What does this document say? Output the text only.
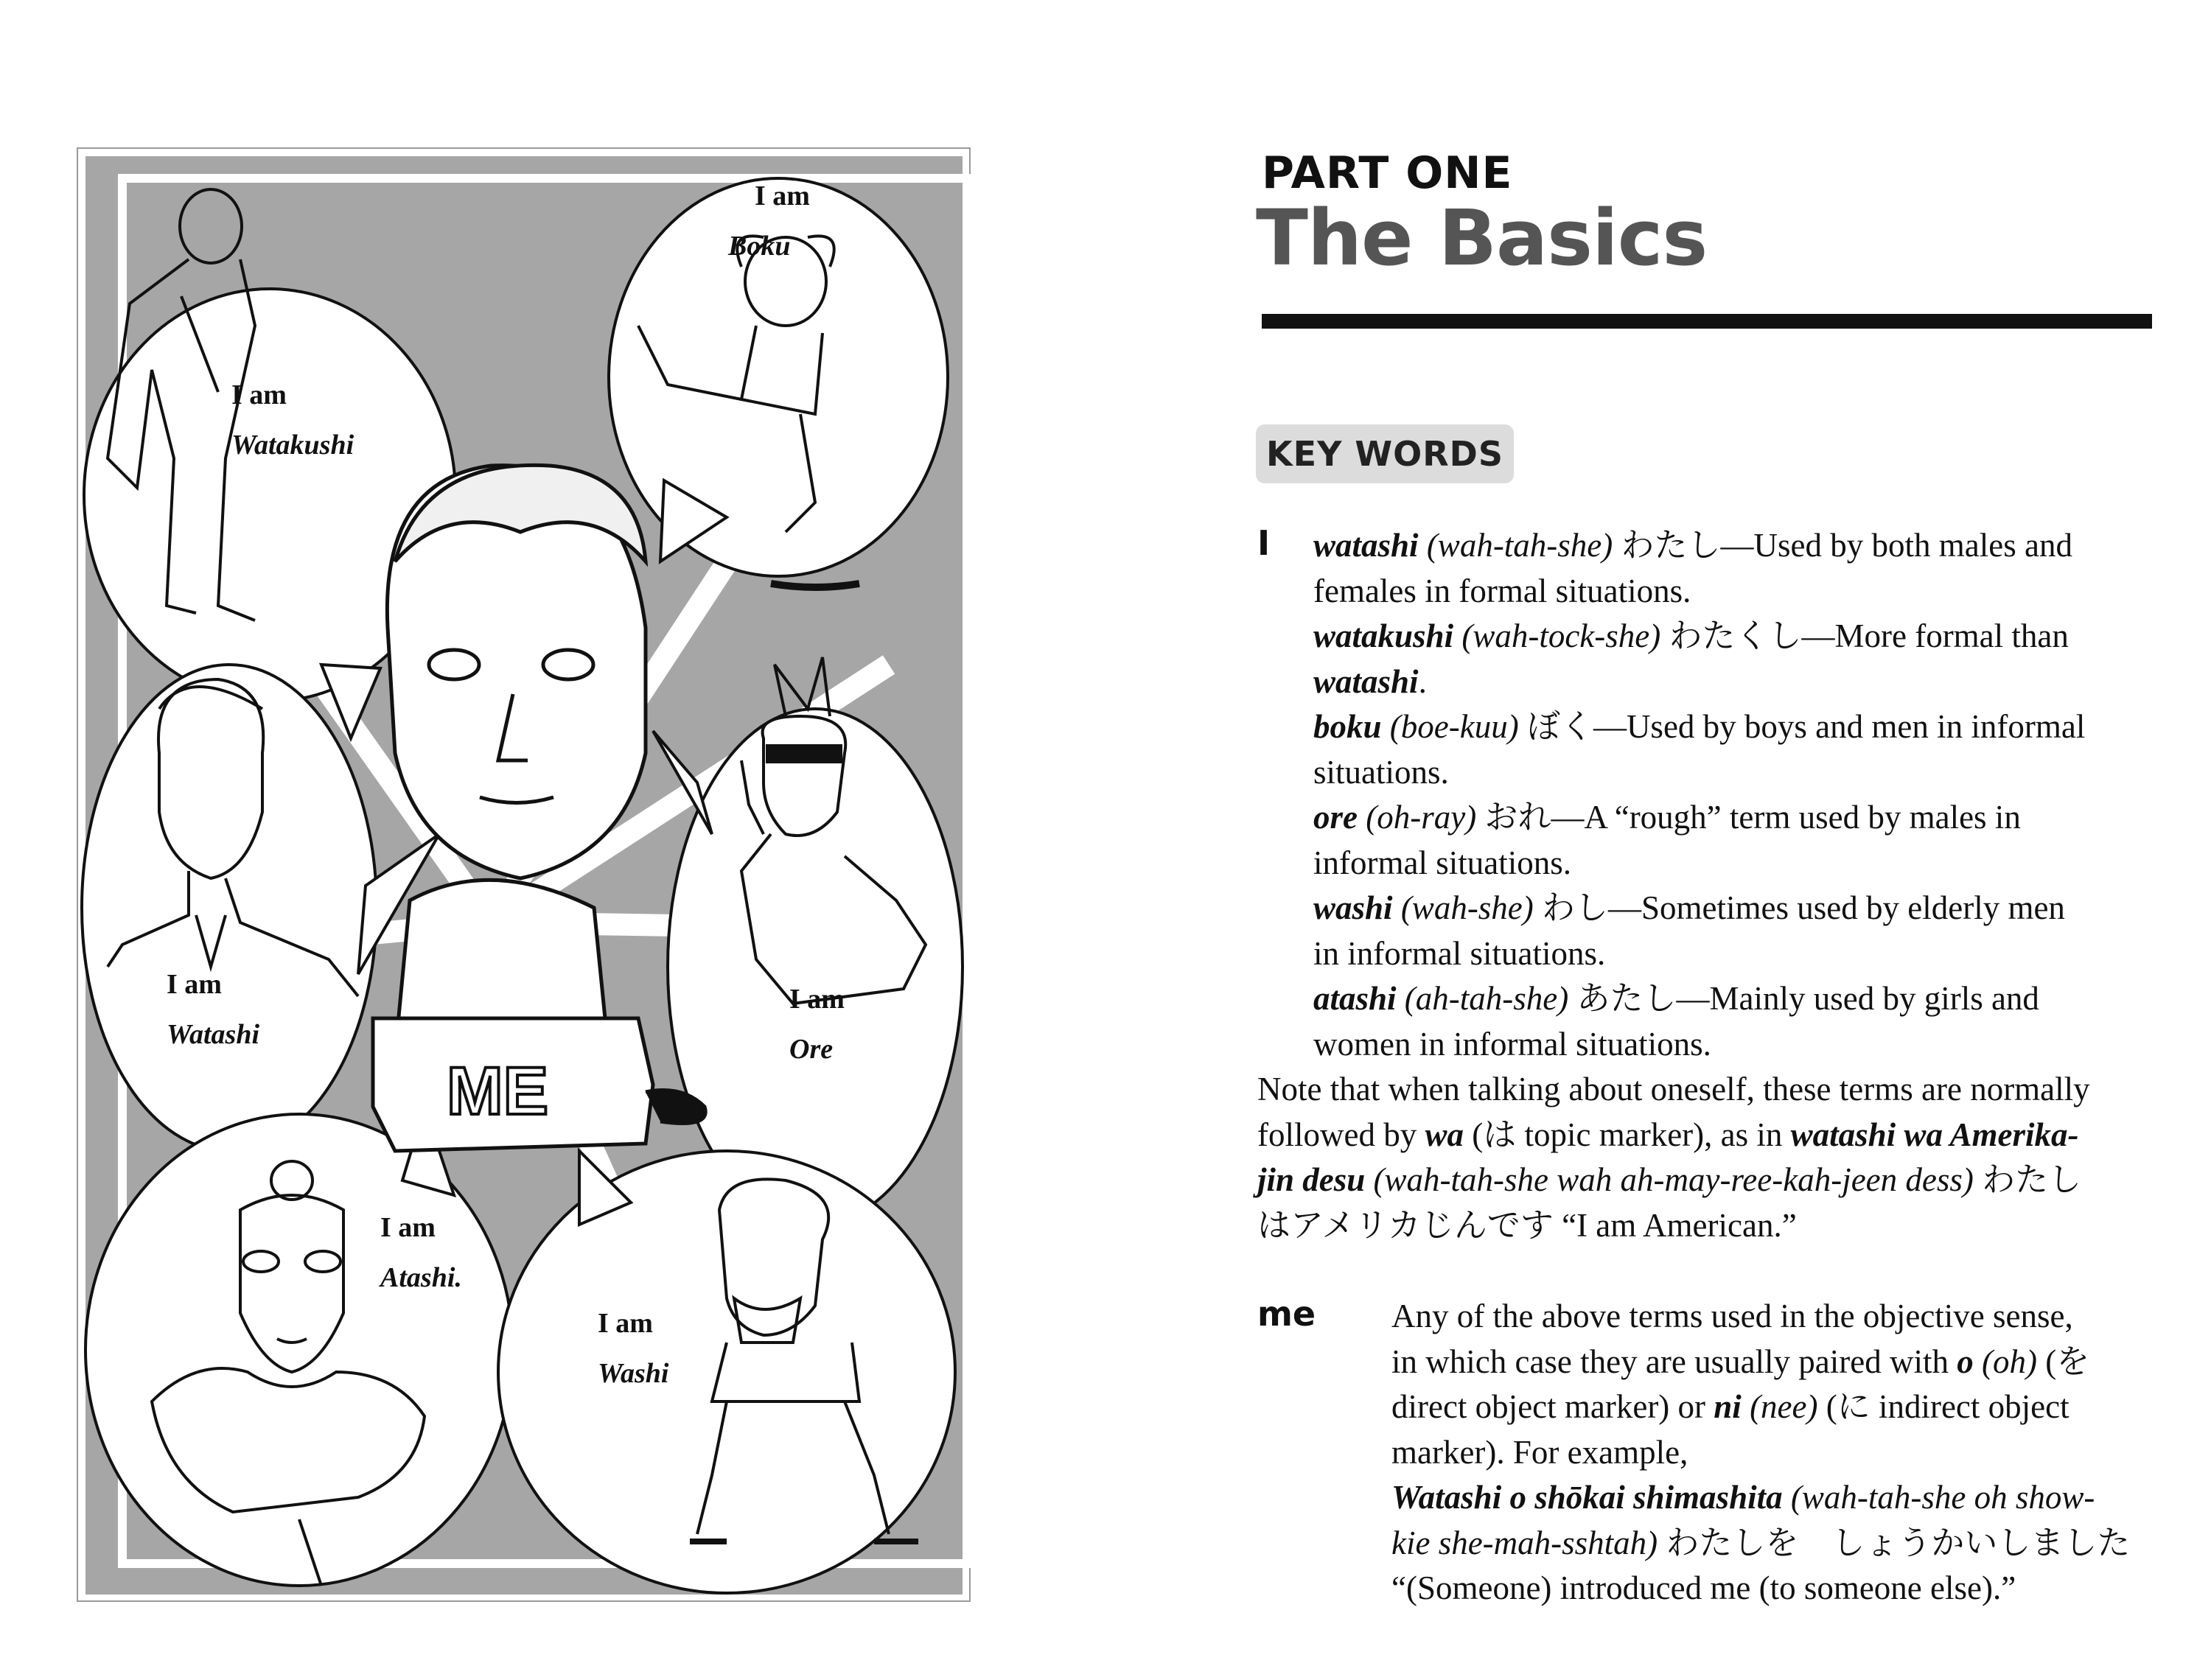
ME
I am
Watakushi
I am
Boku
I am
Watashi
I am
Ore
I am
Atashi.
I am
Washi
PART ONE
The Basics
KEY WORDS
I watashi (wah-tah-she) わたし—Used by both males and
females in formal situations.
watakushi (wah-tock-she) わたくし—More formal than
watashi.
boku (boe-kuu) ぼく—Used by boys and men in informal
situations.
ore (oh-ray) おれ—A “rough” term used by males in
informal situations.
washi (wah-she) わし—Sometimes used by elderly men
in informal situations.
atashi (ah-tah-she) あたし—Mainly used by girls and
women in informal situations.
Note that when talking about oneself, these terms are normally
followed by wa (は topic marker), as in watashi wa Amerika-
jin desu (wah-tah-she wah ah-may-ree-kah-jeen dess) わたし
はアメリカじんです “I am American.”
me Any of the above terms used in the objective sense,
in which case they are usually paired with o (oh) (を
direct object marker) or ni (nee) (に indirect object
marker). For example,
Watashi o shōkai shimashita (wah-tah-she oh show-
kie she-mah-sshtah) わたしを　しょうかいしました
“(Someone) introduced me (to someone else).”
